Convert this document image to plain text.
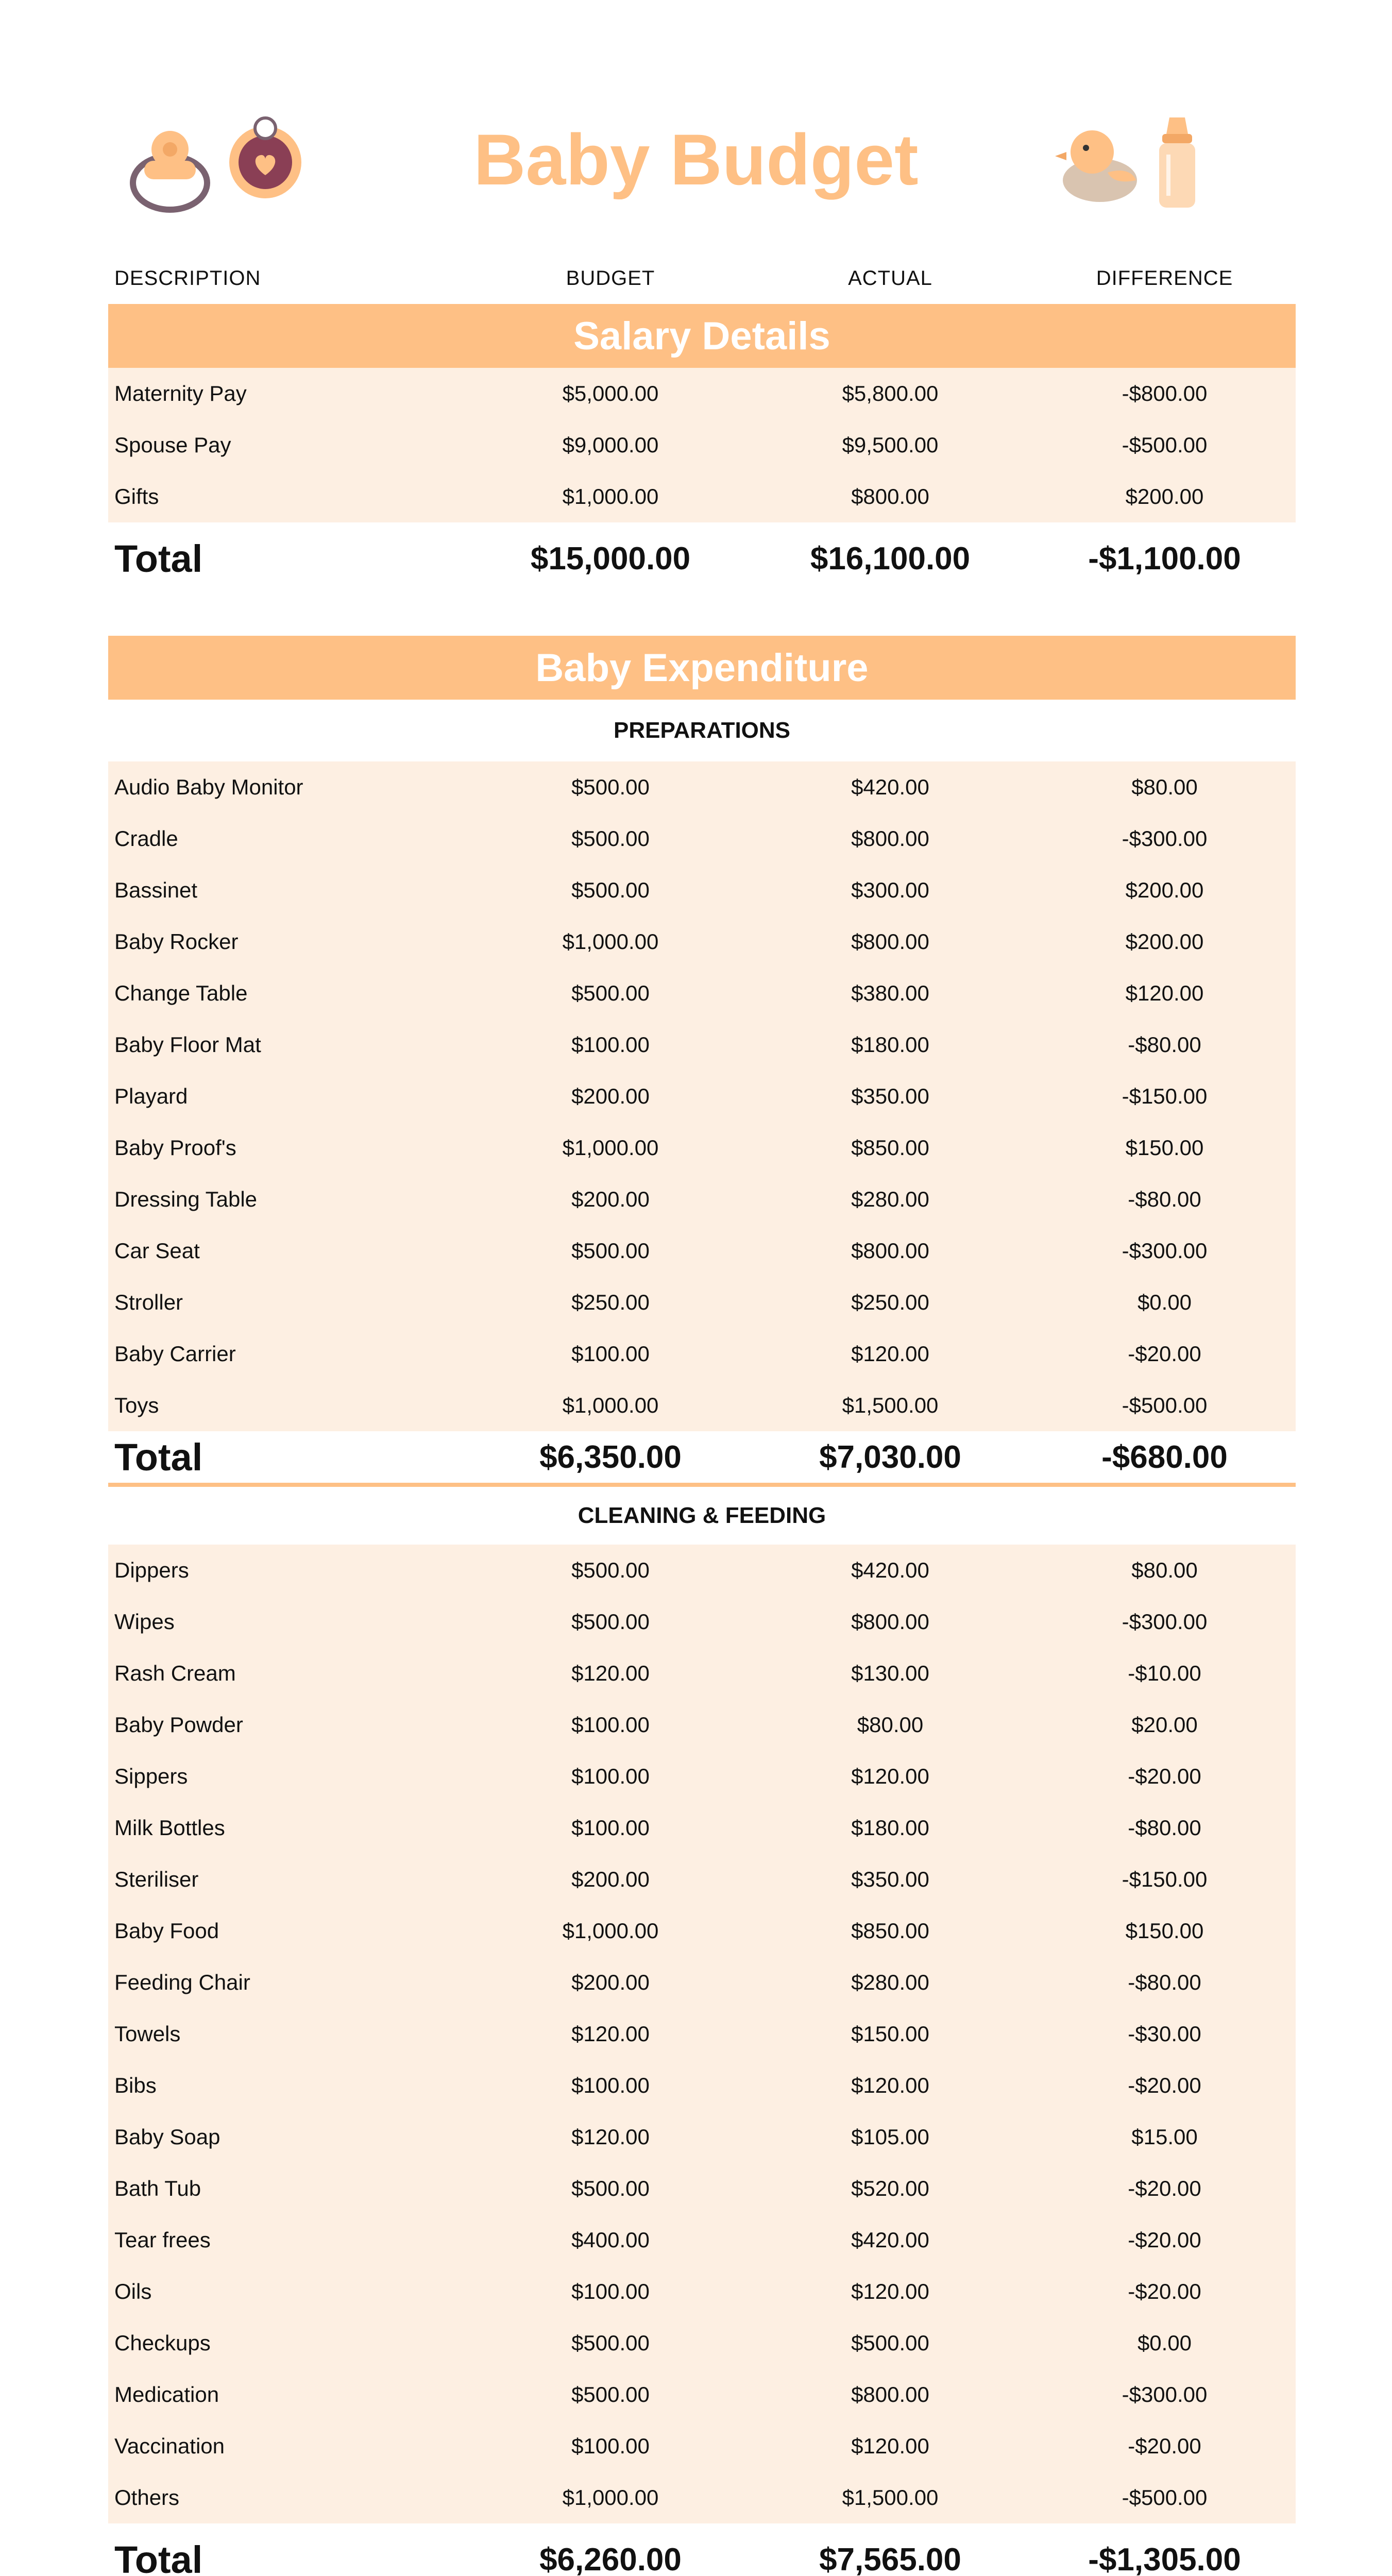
Baby Budget
DESCRIPTION	BUDGET	ACTUAL	DIFFERENCE
Salary Details
Maternity Pay	$5,000.00	$5,800.00	-$800.00
Spouse Pay	$9,000.00	$9,500.00	-$500.00
Gifts	$1,000.00	$800.00	$200.00
Total	$15,000.00	$16,100.00	-$1,100.00
Baby Expenditure
PREPARATIONS
Audio Baby Monitor	$500.00	$420.00	$80.00
Cradle	$500.00	$800.00	-$300.00
Bassinet	$500.00	$300.00	$200.00
Baby Rocker	$1,000.00	$800.00	$200.00
Change Table	$500.00	$380.00	$120.00
Baby Floor Mat	$100.00	$180.00	-$80.00
Playard	$200.00	$350.00	-$150.00
Baby Proof's	$1,000.00	$850.00	$150.00
Dressing Table	$200.00	$280.00	-$80.00
Car Seat	$500.00	$800.00	-$300.00
Stroller	$250.00	$250.00	$0.00
Baby Carrier	$100.00	$120.00	-$20.00
Toys	$1,000.00	$1,500.00	-$500.00
Total	$6,350.00	$7,030.00	-$680.00
CLEANING & FEEDING
Dippers	$500.00	$420.00	$80.00
Wipes	$500.00	$800.00	-$300.00
Rash Cream	$120.00	$130.00	-$10.00
Baby Powder	$100.00	$80.00	$20.00
Sippers	$100.00	$120.00	-$20.00
Milk Bottles	$100.00	$180.00	-$80.00
Steriliser	$200.00	$350.00	-$150.00
Baby Food	$1,000.00	$850.00	$150.00
Feeding Chair	$200.00	$280.00	-$80.00
Towels	$120.00	$150.00	-$30.00
Bibs	$100.00	$120.00	-$20.00
Baby Soap	$120.00	$105.00	$15.00
Bath Tub	$500.00	$520.00	-$20.00
Tear frees	$400.00	$420.00	-$20.00
Oils	$100.00	$120.00	-$20.00
Checkups	$500.00	$500.00	$0.00
Medication	$500.00	$800.00	-$300.00
Vaccination	$100.00	$120.00	-$20.00
Others	$1,000.00	$1,500.00	-$500.00
Total	$6,260.00	$7,565.00	-$1,305.00
